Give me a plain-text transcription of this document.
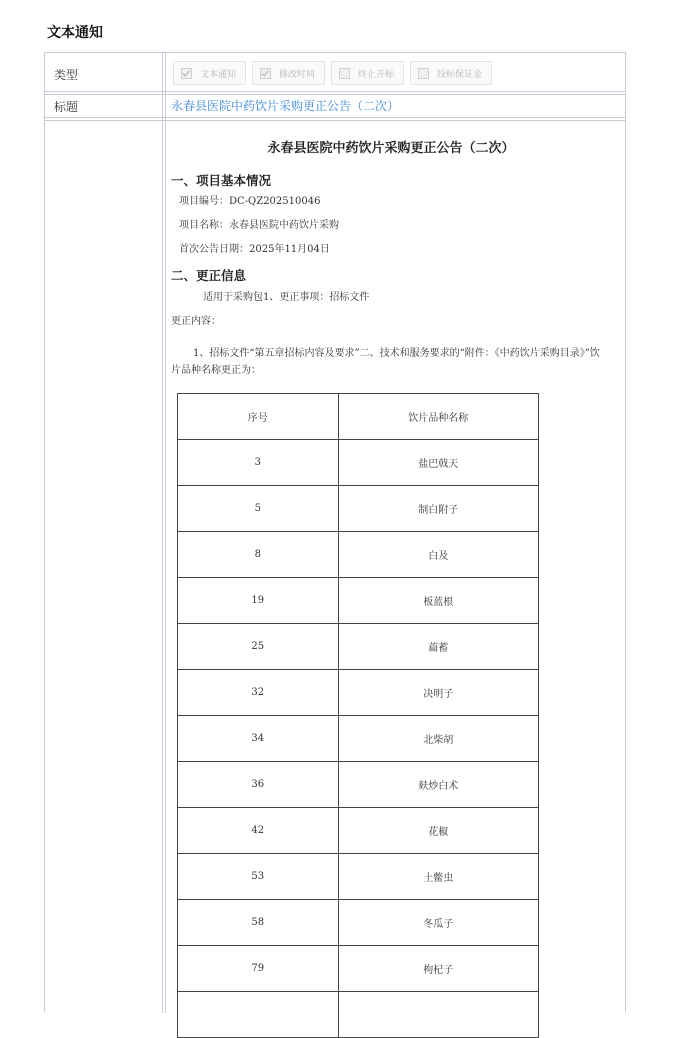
文本通知
类型	文本通知	修改时间	终止开标	投标保证金
标题	永春县医院中药饮片采购更正公告（二次）
永春县医院中药饮片采购更正公告（二次）
一、项目基本情况
项目编号：DC-QZ202510046
项目名称：永春县医院中药饮片采购
首次公告日期：2025年11月04日
二、更正信息
适用于采购包1、更正事项：招标文件
更正内容：
1、招标文件“第五章招标内容及要求”二、技术和服务要求的“附件：《中药饮片采购目录》”饮片品种名称更正为：
序号	饮片品种名称
3	盐巴戟天
5	制白附子
8	白及
19	板蓝根
25	萹蓄
32	决明子
34	北柴胡
36	麸炒白术
42	花椒
53	土鳖虫
58	冬瓜子
79	枸杞子
